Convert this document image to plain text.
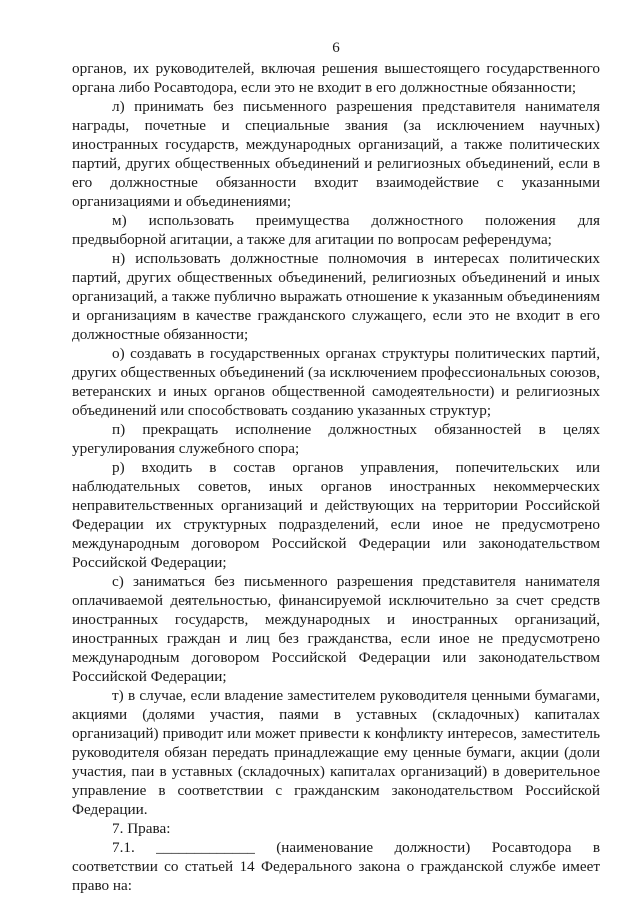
6

органов, их руководителей, включая решения вышестоящего государственного органа либо Росавтодора, если это не входит в его должностные обязанности;

л) принимать без письменного разрешения представителя нанимателя награды, почетные и специальные звания (за исключением научных) иностранных государств, международных организаций, а также политических партий, других общественных объединений и религиозных объединений, если в его должностные обязанности входит взаимодействие с указанными организациями и объединениями;

м) использовать преимущества должностного положения для предвыборной агитации, а также для агитации по вопросам референдума;

н) использовать должностные полномочия в интересах политических партий, других общественных объединений, религиозных объединений и иных организаций, а также публично выражать отношение к указанным объединениям и организациям в качестве гражданского служащего, если это не входит в его должностные обязанности;

о) создавать в государственных органах структуры политических партий, других общественных объединений (за исключением профессиональных союзов, ветеранских и иных органов общественной самодеятельности) и религиозных объединений или способствовать созданию указанных структур;

п) прекращать исполнение должностных обязанностей в целях урегулирования служебного спора;

р) входить в состав органов управления, попечительских или наблюдательных советов, иных органов иностранных некоммерческих неправительственных организаций и действующих на территории Российской Федерации их структурных подразделений, если иное не предусмотрено международным договором Российской Федерации или законодательством Российской Федерации;

с) заниматься без письменного разрешения представителя нанимателя оплачиваемой деятельностью, финансируемой исключительно за счет средств иностранных государств, международных и иностранных организаций, иностранных граждан и лиц без гражданства, если иное не предусмотрено международным договором Российской Федерации или законодательством Российской Федерации;

т) в случае, если владение заместителем руководителя ценными бумагами, акциями (долями участия, паями в уставных (складочных) капиталах организаций) приводит или может привести к конфликту интересов, заместитель руководителя обязан передать принадлежащие ему ценные бумаги, акции (доли участия, паи в уставных (складочных) капиталах организаций) в доверительное управление в соответствии с гражданским законодательством Российской Федерации.

7. Права:

7.1. _____________ (наименование должности) Росавтодора в соответствии со статьей 14 Федерального закона о гражданской службе имеет право на:
